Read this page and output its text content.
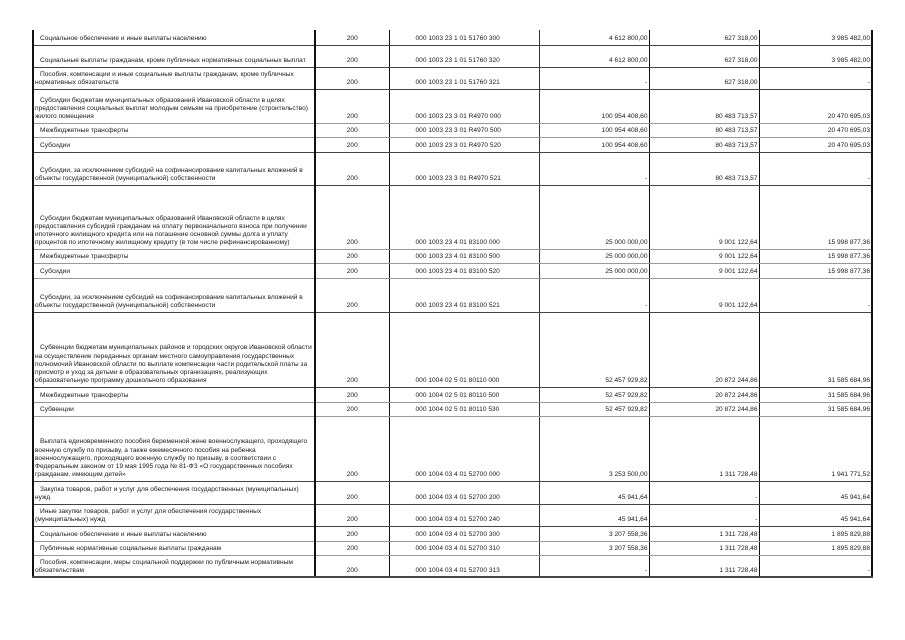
Социальное обеспечение и иные выплаты населению	200	000 1003 23 1 01 51760 300	4 612 800,00	627 318,00	3 985 482,00
Социальные выплаты гражданам, кроме публичных нормативных социальных выплат	200	000 1003 23 1 01 51760 320	4 612 800,00	627 318,00	3 985 482,00
Пособия, компенсации и иные социальные выплаты гражданам, кроме публичных нормативных обязательств	200	000 1003 23 1 01 51760 321	-	627 318,00	-
Субсидии бюджетам муниципальных образований Ивановской области в целях предоставления социальных выплат молодым семьям на приобретение (строительство) жилого помещения	200	000 1003 23 3 01 R4970 000	100 954 408,60	80 483 713,57	20 470 695,03
Межбюджетные трансферты	200	000 1003 23 3 01 R4970 500	100 954 408,60	80 483 713,57	20 470 695,03
Субсидии	200	000 1003 23 3 01 R4970 520	100 954 408,60	80 483 713,57	20 470 695,03
Субсидии, за исключением субсидий на софинансирование капитальных вложений в объекты государственной (муниципальной) собственности	200	000 1003 23 3 01 R4970 521	-	80 483 713,57	-
Субсидии бюджетам муниципальных образований Ивановской области в целях предоставления субсидий гражданам на оплату первоначального взноса при получении ипотечного жилищного кредита или на погашение основной суммы долга и уплату процентов по ипотечному жилищному кредиту (в том числе рефинансированному)	200	000 1003 23 4 01 83100 000	25 000 000,00	9 001 122,64	15 998 877,36
Межбюджетные трансферты	200	000 1003 23 4 01 83100 500	25 000 000,00	9 001 122,64	15 998 877,36
Субсидии	200	000 1003 23 4 01 83100 520	25 000 000,00	9 001 122,64	15 998 877,36
Субсидии, за исключением субсидий на софинансирование капитальных вложений в объекты государственной (муниципальной) собственности	200	000 1003 23 4 01 83100 521	-	9 001 122,64	-
Субвенции бюджетам муниципальных районов и городских округов Ивановской области на осуществление переданных органам местного самоуправления государственных полномочий Ивановской области по выплате компенсации части родительской платы за присмотр и уход за детьми в образовательных организациях, реализующих образовательную программу дошкольного образования	200	000 1004 02 5 01 80110 000	52 457 929,82	20 872 244,86	31 585 684,96
Межбюджетные трансферты	200	000 1004 02 5 01 80110 500	52 457 929,82	20 872 244,86	31 585 684,96
Субвенции	200	000 1004 02 5 01 80110 530	52 457 929,82	20 872 244,86	31 585 684,96
Выплата единовременного пособия беременной жене военнослужащего, проходящего военную службу по призыву, а также ежемесячного пособия на ребенка военнослужащего, проходящего военную службу по призыву, в соответствии с Федеральным законом от 19 мая 1995 года № 81-ФЗ «О государственных пособиях гражданам, имеющим детей»	200	000 1004 03 4 01 52700 000	3 253 500,00	1 311 728,48	1 941 771,52
Закупка товаров, работ и услуг для обеспечения государственных (муниципальных) нужд	200	000 1004 03 4 01 52700 200	45 941,64	-	45 941,64
Иные закупки товаров, работ и услуг для обеспечения государственных (муниципальных) нужд	200	000 1004 03 4 01 52700 240	45 941,64	-	45 941,64
Социальное обеспечение и иные выплаты населению	200	000 1004 03 4 01 52700 300	3 207 558,36	1 311 728,48	1 895 829,88
Публичные нормативные социальные выплаты гражданам	200	000 1004 03 4 01 52700 310	3 207 558,36	1 311 728,48	1 895 829,88
Пособия, компенсации, меры социальной поддержки по публичным нормативным обязательствам	200	000 1004 03 4 01 52700 313	-	1 311 728,48	-
